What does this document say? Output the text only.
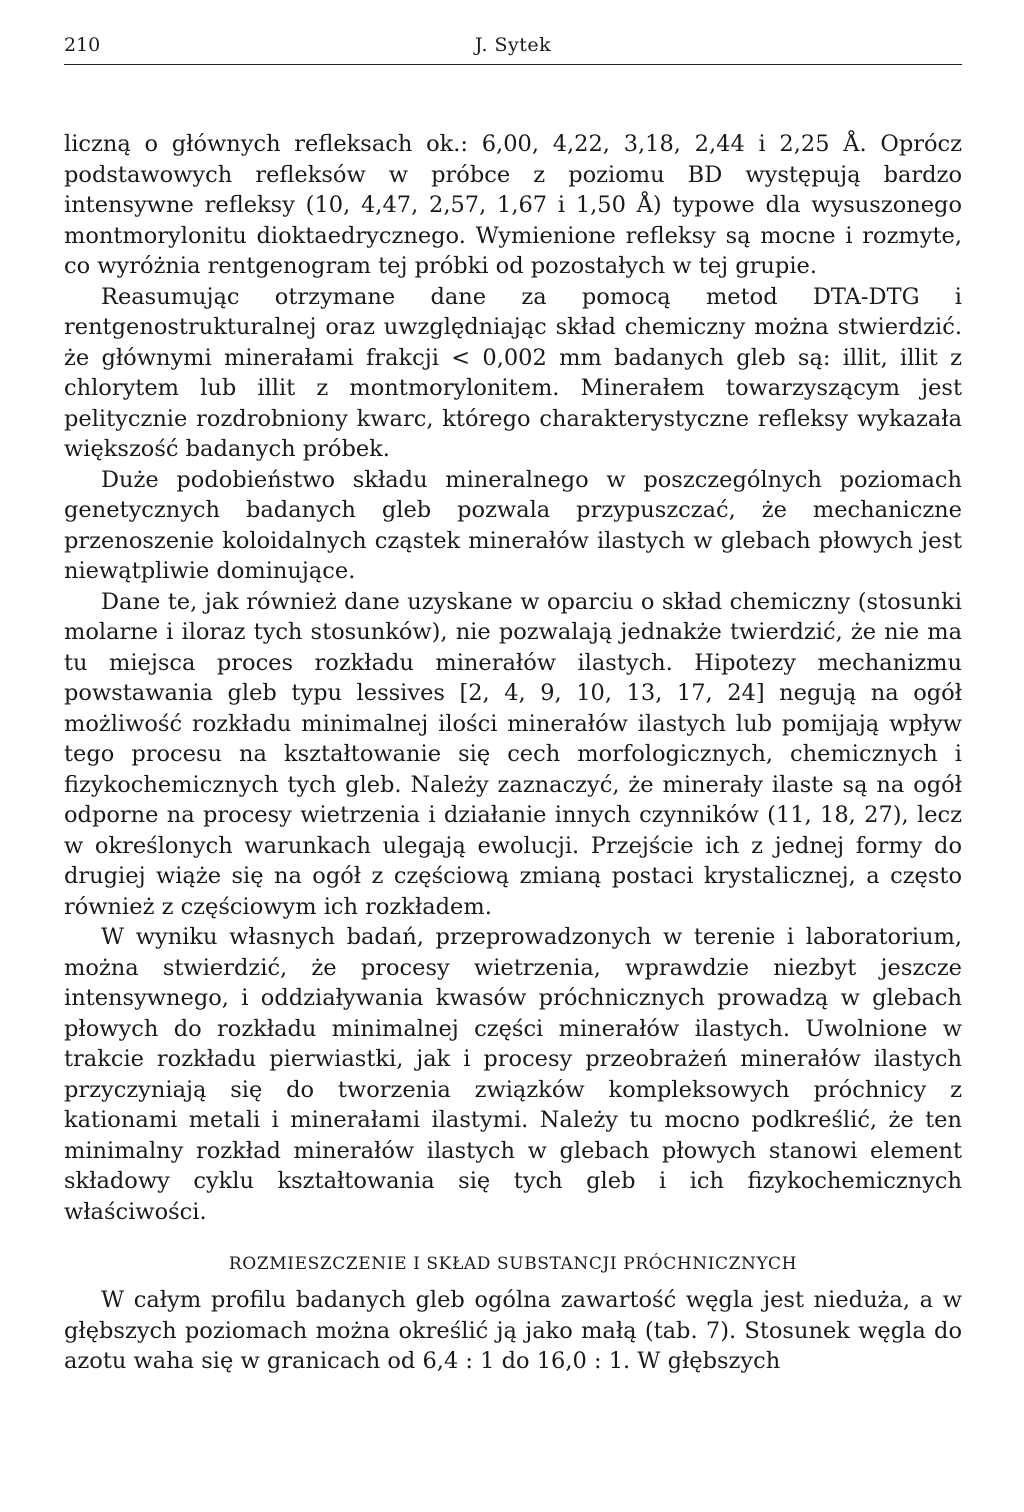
210	J. Sytek

liczną o głównych refleksach ok.: 6,00, 4,22, 3,18, 2,44 i 2,25 Å. Oprócz podstawowych refleksów w próbce z poziomu BD występują bardzo intensywne refleksy (10, 4,47, 2,57, 1,67 i 1,50 Å) typowe dla wysuszonego montmorylonitu dioktaedrycznego. Wymienione refleksy są mocne i rozmyte, co wyróżnia rentgenogram tej próbki od pozostałych w tej grupie.

Reasumując otrzymane dane za pomocą metod DTA-DTG i rentgenostrukturalnej oraz uwzględniając skład chemiczny można stwierdzić. że głównymi minerałami frakcji < 0,002 mm badanych gleb są: illit, illit z chlorytem lub illit z montmorylonitem. Minerałem towarzyszącym jest pelitycznie rozdrobniony kwarc, którego charakterystyczne refleksy wykazała większość badanych próbek.

Duże podobieństwo składu mineralnego w poszczególnych poziomach genetycznych badanych gleb pozwala przypuszczać, że mechaniczne przenoszenie koloidalnych cząstek minerałów ilastych w glebach płowych jest niewątpliwie dominujące.

Dane te, jak również dane uzyskane w oparciu o skład chemiczny (stosunki molarne i iloraz tych stosunków), nie pozwalają jednakże twierdzić, że nie ma tu miejsca proces rozkładu minerałów ilastych. Hipotezy mechanizmu powstawania gleb typu lessives [2, 4, 9, 10, 13, 17, 24] negują na ogół możliwość rozkładu minimalnej ilości minerałów ilastych lub pomijają wpływ tego procesu na kształtowanie się cech morfologicznych, chemicznych i fizykochemicznych tych gleb. Należy zaznaczyć, że minerały ilaste są na ogół odporne na procesy wietrzenia i działanie innych czynników (11, 18, 27), lecz w określonych warunkach ulegają ewolucji. Przejście ich z jednej formy do drugiej wiąże się na ogół z częściową zmianą postaci krystalicznej, a często również z częściowym ich rozkładem.

W wyniku własnych badań, przeprowadzonych w terenie i laboratorium, można stwierdzić, że procesy wietrzenia, wprawdzie niezbyt jeszcze intensywnego, i oddziaływania kwasów próchnicznych prowadzą w glebach płowych do rozkładu minimalnej części minerałów ilastych. Uwolnione w trakcie rozkładu pierwiastki, jak i procesy przeobrażeń minerałów ilastych przyczyniają się do tworzenia związków kompleksowych próchnicy z kationami metali i minerałami ilastymi. Należy tu mocno podkreślić, że ten minimalny rozkład minerałów ilastych w glebach płowych stanowi element składowy cyklu kształtowania się tych gleb i ich fizykochemicznych właściwości.

ROZMIESZCZENIE I SKŁAD SUBSTANCJI PRÓCHNICZNYCH

W całym profilu badanych gleb ogólna zawartość węgla jest nieduża, a w głębszych poziomach można określić ją jako małą (tab. 7). Stosunek węgla do azotu waha się w granicach od 6,4 : 1 do 16,0 : 1. W głębszych
